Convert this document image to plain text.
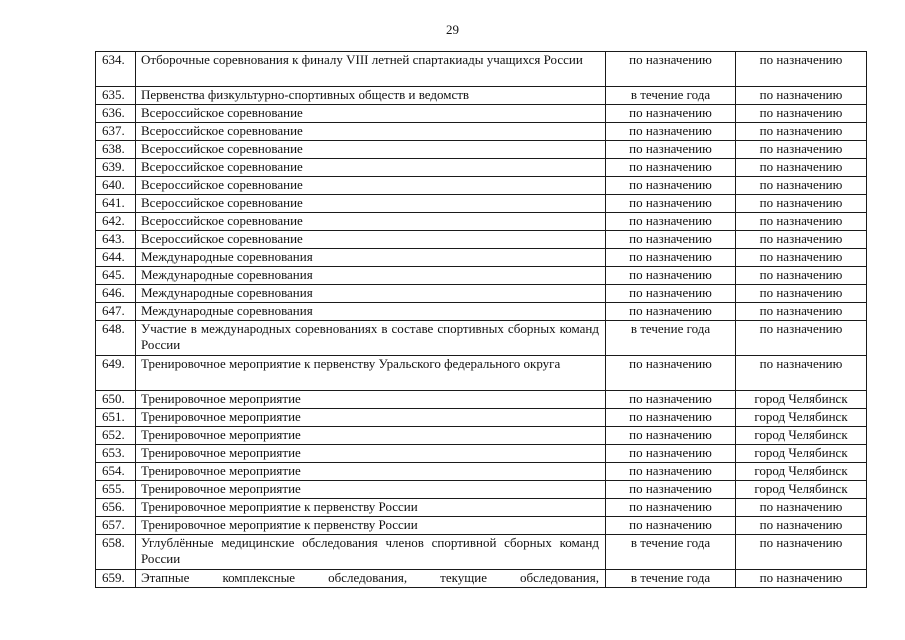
29
634.	Отборочные соревнования к финалу VIII летней спартакиады учащихся России	по назначению	по назначению
635.	Первенства физкультурно-спортивных обществ и ведомств	в течение года	по назначению
636.	Всероссийское соревнование	по назначению	по назначению
637.	Всероссийское соревнование	по назначению	по назначению
638.	Всероссийское соревнование	по назначению	по назначению
639.	Всероссийское соревнование	по назначению	по назначению
640.	Всероссийское соревнование	по назначению	по назначению
641.	Всероссийское соревнование	по назначению	по назначению
642.	Всероссийское соревнование	по назначению	по назначению
643.	Всероссийское соревнование	по назначению	по назначению
644.	Международные соревнования	по назначению	по назначению
645.	Международные соревнования	по назначению	по назначению
646.	Международные соревнования	по назначению	по назначению
647.	Международные соревнования	по назначению	по назначению
648.	Участие в международных соревнованиях в составе спортивных сборных команд России	в течение года	по назначению
649.	Тренировочное мероприятие к первенству Уральского федерального округа	по назначению	по назначению
650.	Тренировочное мероприятие	по назначению	город Челябинск
651.	Тренировочное мероприятие	по назначению	город Челябинск
652.	Тренировочное мероприятие	по назначению	город Челябинск
653.	Тренировочное мероприятие	по назначению	город Челябинск
654.	Тренировочное мероприятие	по назначению	город Челябинск
655.	Тренировочное мероприятие	по назначению	город Челябинск
656.	Тренировочное мероприятие к первенству России	по назначению	по назначению
657.	Тренировочное мероприятие к первенству России	по назначению	по назначению
658.	Углублённые медицинские обследования членов спортивной сборных команд России	в течение года	по назначению
659.	Этапные комплексные обследования, текущие обследования,	в течение года	по назначению
